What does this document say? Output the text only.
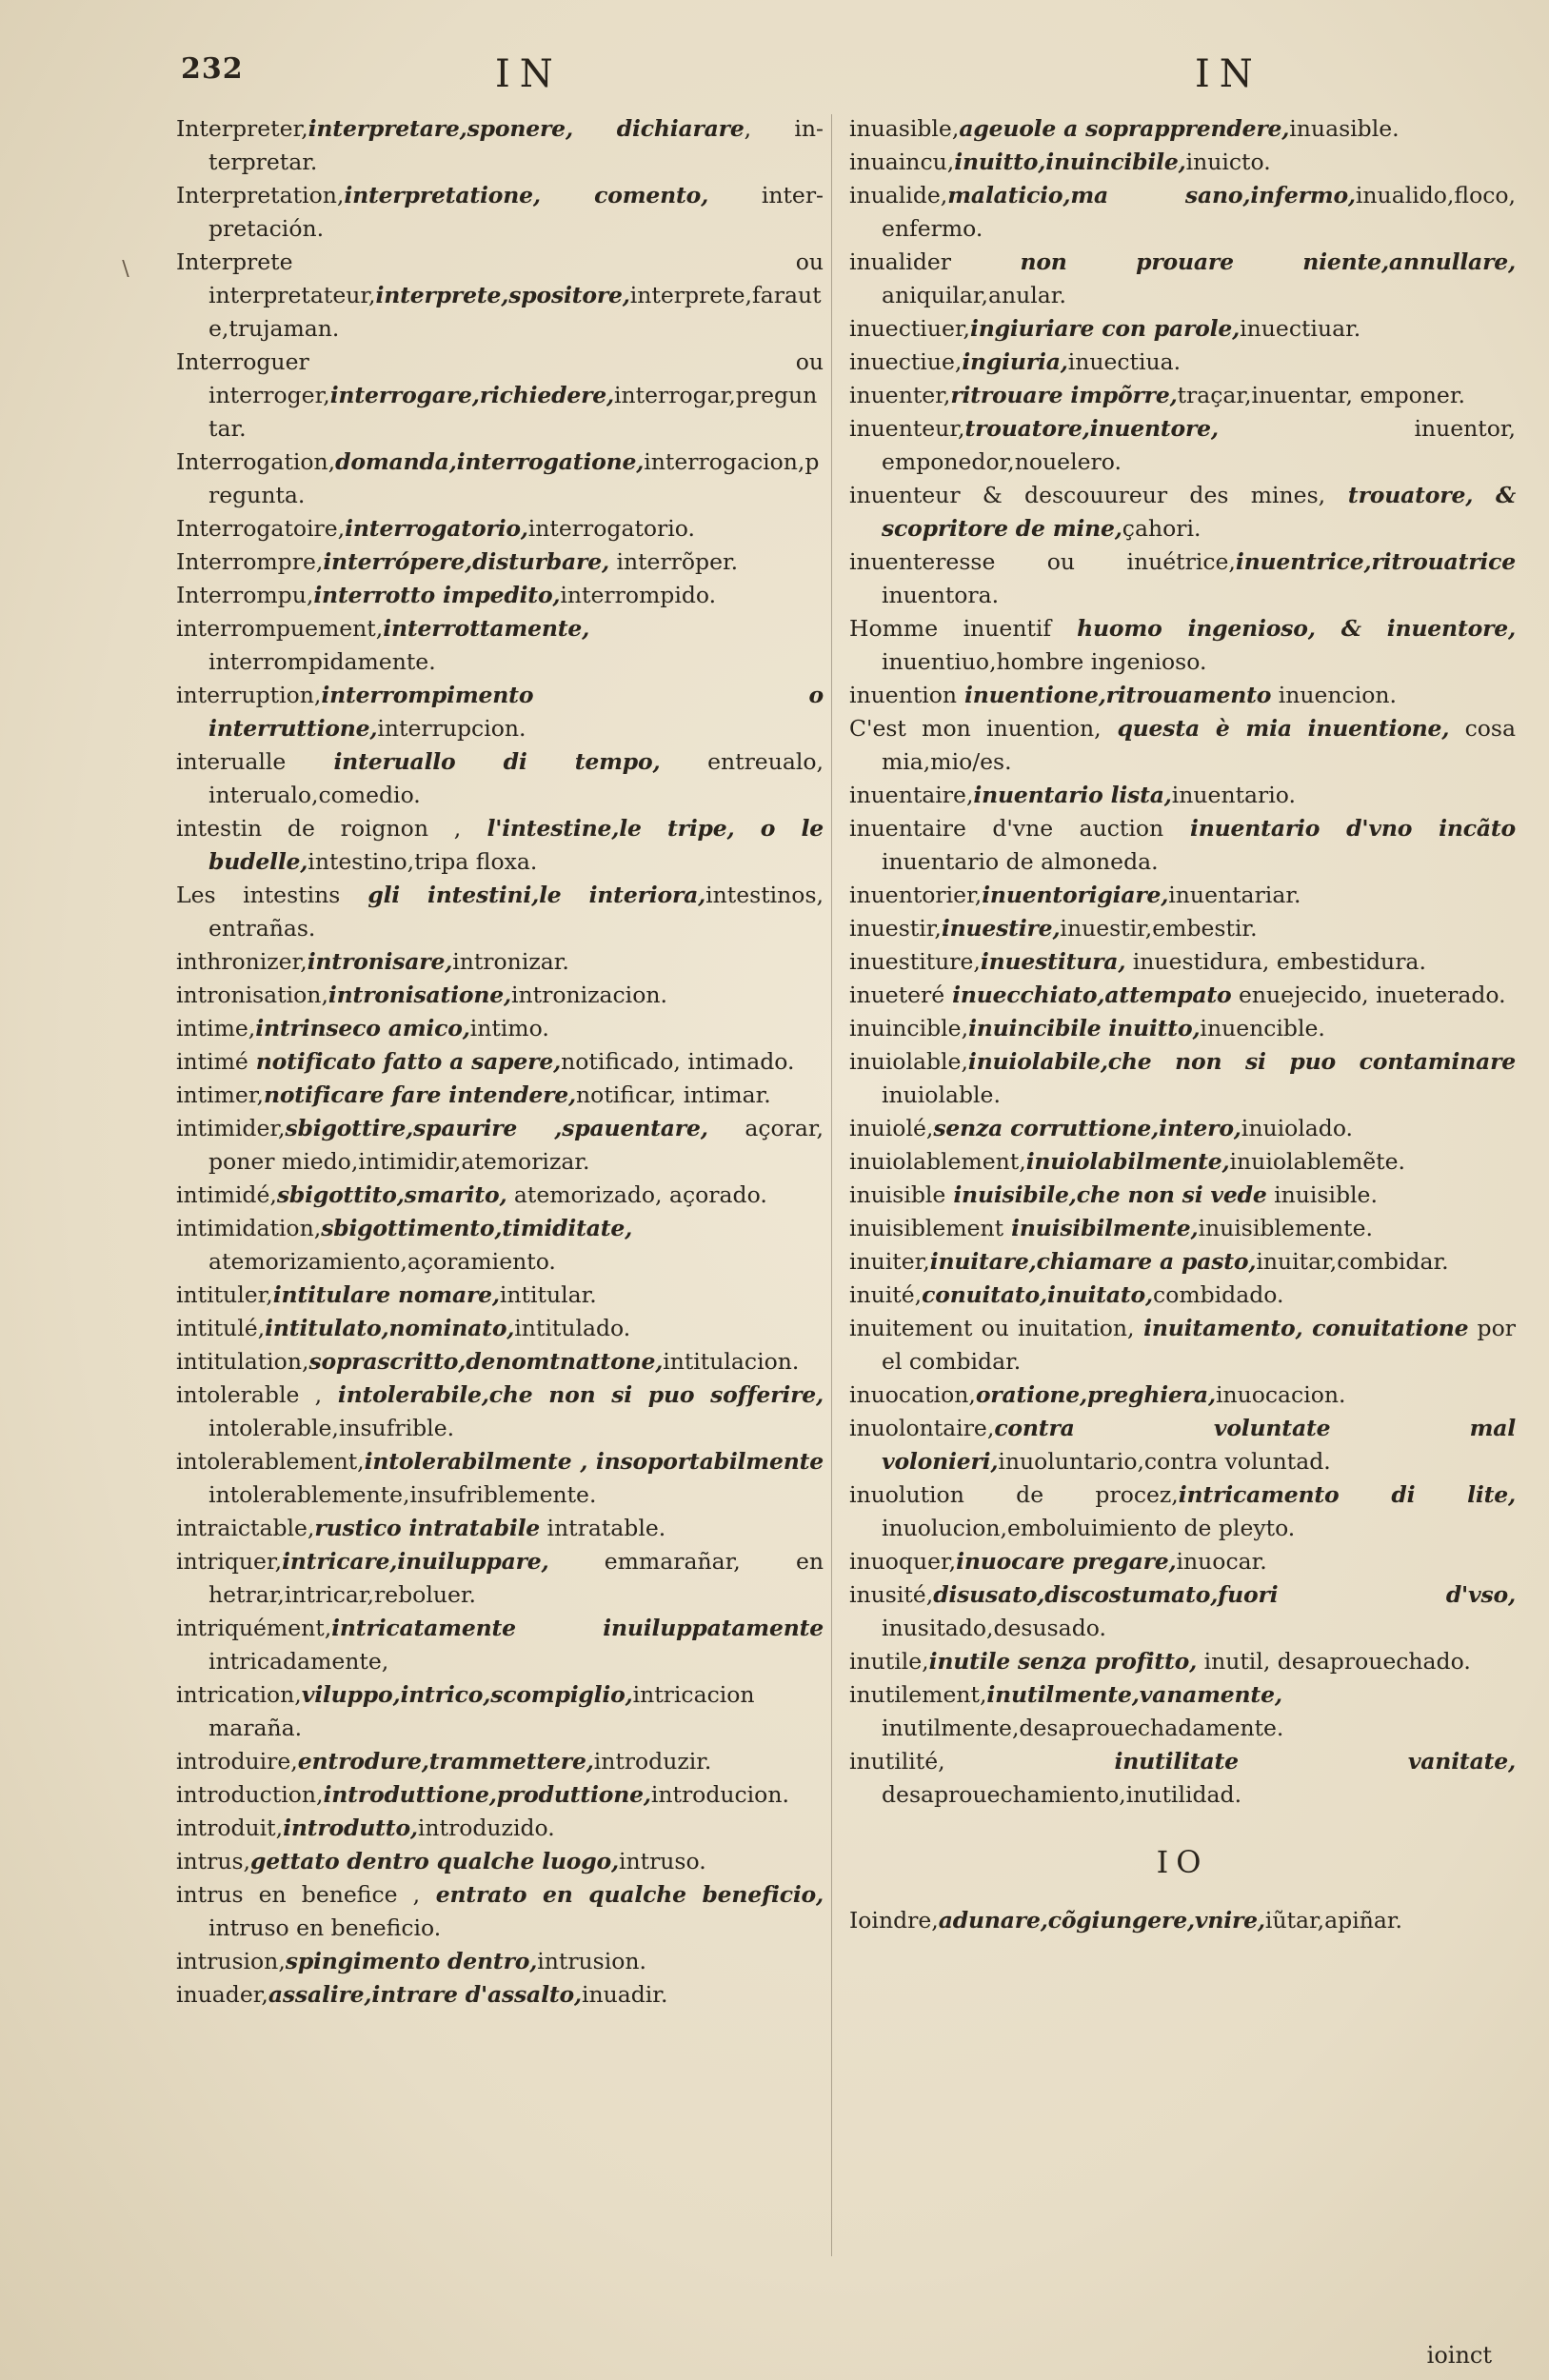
232	IN	IN
∖
Interpreter,interpretare,sponere, dichiarare, in-terpretar.
Interpretation,interpretatione, comento, inter-pretación.
Interprete ou interpretateur,interprete,spositore,interprete,faraute,trujaman.
Interroguer ou interroger,interrogare,richiedere,interrogar,preguntar.
Interrogation,domanda,interrogatione,interrogacion,pregunta.
Interrogatoire,interrogatorio,interrogatorio.
Interrompre,interrópere,disturbare, interrõper.
Interrompu,interrotto impedito,interrompido.
interrompuement,interrottamente, interrompidamente.
interruption,interrompimento o interruttione,interrupcion.
interualle interuallo di tempo, entreualo, interualo,comedio.
intestin de roignon , l'intestine,le tripe, o le budelle,intestino,tripa floxa.
Les intestins gli intestini,le interiora,intestinos, entrañas.
inthronizer,intronisare,intronizar.
intronisation,intronisatione,intronizacion.
intime,intrinseco amico,intimo.
intimé notificato fatto a sapere,notificado, intimado.
intimer,notificare fare intendere,notificar, intimar.
intimider,sbigottire,spaurire ,spauentare, açorar, poner miedo,intimidir,atemorizar.
intimidé,sbigottito,smarito, atemorizado, açorado.
intimidation,sbigottimento,timiditate, atemorizamiento,açoramiento.
intituler,intitulare nomare,intitular.
intitulé,intitulato,nominato,intitulado.
intitulation,soprascritto,denomtnattone,intitulacion.
intolerable , intolerabile,che non si puo sofferire, intolerable,insufrible.
intolerablement,intolerabilmente , insoportabilmente intolerablemente,insufriblemente.
intraictable,rustico intratabile intratable.
intriquer,intricare,inuiluppare, emmarañar, en hetrar,intricar,reboluer.
intriquément,intricatamente inuiluppatamente intricadamente,
intrication,viluppo,intrico,scompiglio,intricacion maraña.
introduire,entrodure,trammettere,introduzir.
introduction,introduttione,produttione,introducion.
introduit,introdutto,introduzido.
intrus,gettato dentro qualche luogo,intruso.
intrus en benefice , entrato en qualche beneficio, intruso en beneficio.
intrusion,spingimento dentro,intrusion.
inuader,assalire,intrare d'assalto,inuadir.
inuasible,ageuole a soprapprendere,inuasible.
inuaincu,inuitto,inuincibile,inuicto.
inualide,malaticio,ma sano,infermo,inualido,floco, enfermo.
inualider non prouare niente,annullare, aniquilar,anular.
inuectiuer,ingiuriare con parole,inuectiuar.
inuectiue,ingiuria,inuectiua.
inuenter,ritrouare impõrre,traçar,inuentar, emponer.
inuenteur,trouatore,inuentore, inuentor, emponedor,nouelero.
inuenteur & descouureur des mines, trouatore, & scopritore de mine,çahori.
inuenteresse ou inuétrice,inuentrice,ritrouatrice inuentora.
Homme inuentif huomo ingenioso, & inuentore, inuentiuo,hombre ingenioso.
inuention inuentione,ritrouamento inuencion.
C'est mon inuention, questa è mia inuentione, cosa mia,mio/es.
inuentaire,inuentario lista,inuentario.
inuentaire d'vne auction inuentario d'vno incãto inuentario de almoneda.
inuentorier,inuentorigiare,inuentariar.
inuestir,inuestire,inuestir,embestir.
inuestiture,inuestitura, inuestidura, embestidura.
inueteré inuecchiato,attempato enuejecido, inueterado.
inuincible,inuincibile inuitto,inuencible.
inuiolable,inuiolabile,che non si puo contaminare inuiolable.
inuiolé,senza corruttione,intero,inuiolado.
inuiolablement,inuiolabilmente,inuiolablemẽte.
inuisible inuisibile,che non si vede inuisible.
inuisiblement inuisibilmente,inuisiblemente.
inuiter,inuitare,chiamare a pasto,inuitar,combidar.
inuité,conuitato,inuitato,combidado.
inuitement ou inuitation, inuitamento, conuitatione por el combidar.
inuocation,oratione,preghiera,inuocacion.
inuolontaire,contra voluntate mal volonieri,inuoluntario,contra voluntad.
inuolution de procez,intricamento di lite, inuolucion,emboluimiento de pleyto.
inuoquer,inuocare pregare,inuocar.
inusité,disusato,discostumato,fuori d'vso, inusitado,desusado.
inutile,inutile senza profitto, inutil, desaprouechado.
inutilement,inutilmente,vanamente, inutilmente,desaprouechadamente.
inutilité, inutilitate vanitate, desaprouechamiento,inutilidad.
IO
Ioindre,adunare,cõgiungere,vnire,iũtar,apiñar.
ioinct
